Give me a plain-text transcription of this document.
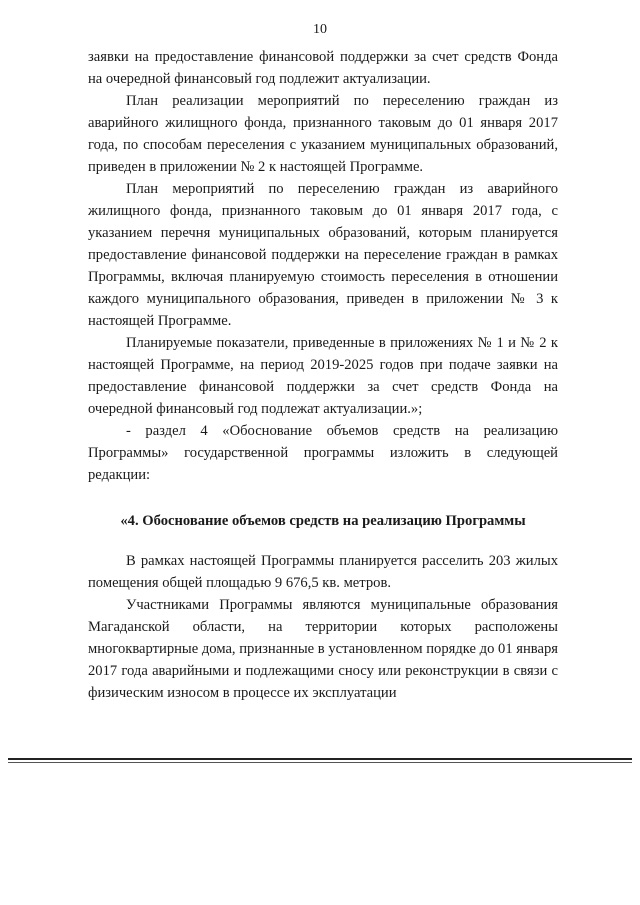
10

заявки на предоставление финансовой поддержки за счет средств Фонда на очередной финансовый год подлежит актуализации.

План реализации мероприятий по переселению граждан из аварийного жилищного фонда, признанного таковым до 01 января 2017 года, по способам переселения с указанием муниципальных образований, приведен в приложении № 2 к настоящей Программе.

План мероприятий по переселению граждан из аварийного жилищного фонда, признанного таковым до 01 января 2017 года, с указанием перечня муниципальных образований, которым планируется предоставление финансовой поддержки на переселение граждан в рамках Программы, включая планируемую стоимость переселения в отношении каждого муниципального образования, приведен в приложении № 3 к настоящей Программе.

Планируемые показатели, приведенные в приложениях № 1 и № 2 к настоящей Программе, на период 2019-2025 годов при подаче заявки на предоставление финансовой поддержки за счет средств Фонда на очередной финансовый год подлежат актуализации.»;

- раздел 4 «Обоснование объемов средств на реализацию Программы» государственной программы изложить в следующей редакции:

«4. Обоснование объемов средств на реализацию Программы

В рамках настоящей Программы планируется расселить 203 жилых помещения общей площадью 9 676,5 кв. метров.

Участниками Программы являются муниципальные образования Магаданской области, на территории которых расположены многоквартирные дома, признанные в установленном порядке до 01 января 2017 года аварийными и подлежащими сносу или реконструкции в связи с физическим износом в процессе их эксплуатации
